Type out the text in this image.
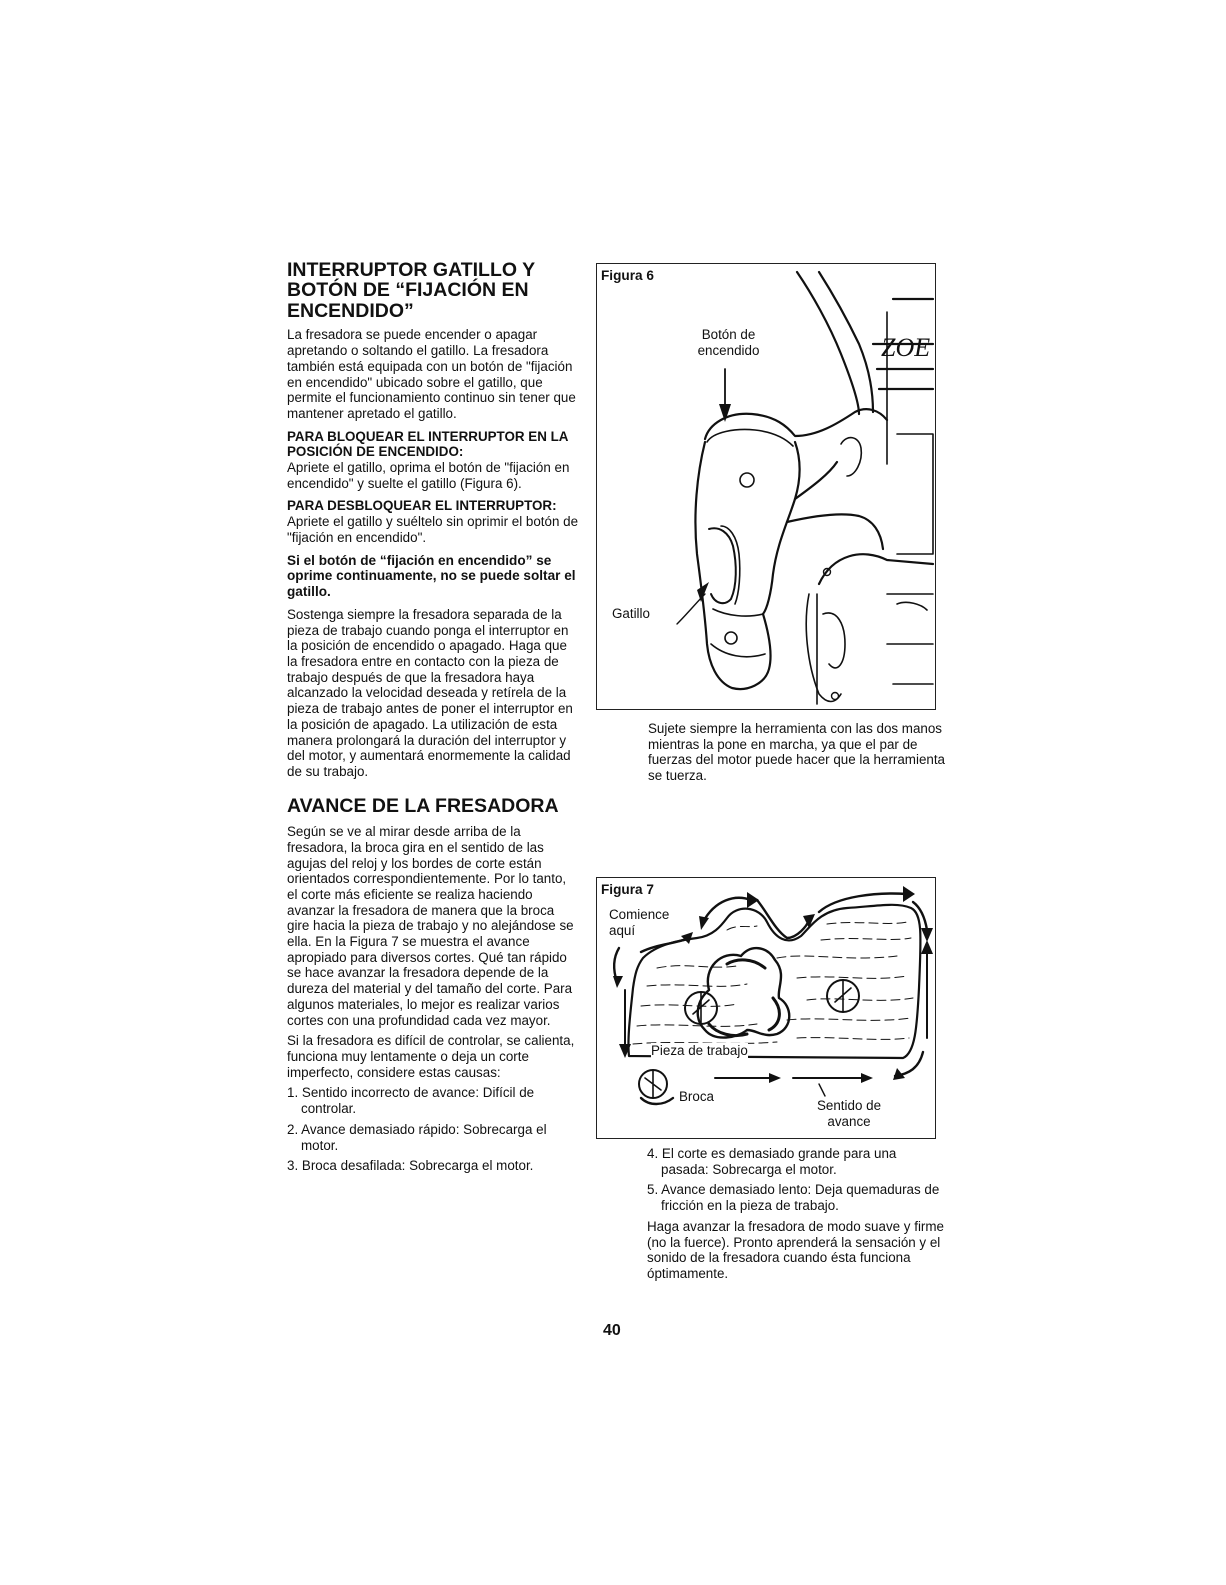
INTERRUPTOR GATILLO Y
BOTÓN DE “FIJACIÓN EN
ENCENDIDO”

La fresadora se puede encender o apagar apretando o soltando el gatillo. La fresadora también está equipada con un botón de "fijación en encendido" ubicado sobre el gatillo, que permite el funcionamiento continuo sin tener que mantener apretado el gatillo.

PARA BLOQUEAR EL INTERRUPTOR EN LA POSICIÓN DE ENCENDIDO:

Apriete el gatillo, oprima el botón de "fijación en encendido" y suelte el gatillo (Figura 6).

PARA DESBLOQUEAR EL INTERRUPTOR:

Apriete el gatillo y suéltelo sin oprimir el botón de "fijación en encendido".

Si el botón de “fijación en encendido” se oprime continuamente, no se puede soltar el gatillo.

Sostenga siempre la fresadora separada de la pieza de trabajo cuando ponga el interruptor en la posición de encendido o apagado. Haga que la fresadora entre en contacto con la pieza de trabajo después de que la fresadora haya alcanzado la velocidad deseada y retírela de la pieza de trabajo antes de poner el interruptor en la posición de apagado. La utilización de esta manera prolongará la duración del interruptor y del motor, y aumentará enormemente la calidad de su trabajo.

AVANCE DE LA FRESADORA

Según se ve al mirar desde arriba de la fresadora, la broca gira en el sentido de las agujas del reloj y los bordes de corte están orientados correspondientemente. Por lo tanto, el corte más eficiente se realiza haciendo avanzar la fresadora de manera que la broca gire hacia la pieza de trabajo y no alejándose se ella. En la Figura 7 se muestra el avance apropiado para diversos cortes. Qué tan rápido se hace avanzar la fresadora depende de la dureza del material y del tamaño del corte. Para algunos materiales, lo mejor es realizar varios cortes con una profundidad cada vez mayor.

Si la fresadora es difícil de controlar, se calienta, funciona muy lentamente o deja un corte imperfecto, considere estas causas:

1. Sentido incorrecto de avance: Difícil de controlar.
2. Avance demasiado rápido: Sobrecarga el motor.
3. Broca desafilada: Sobrecarga el motor.
ZOE
Figura 6
Botón de
encendido
Gatillo
Sujete siempre la herramienta con las dos manos mientras la pone en marcha, ya que el par de fuerzas del motor puede hacer que la herramienta se tuerza.
Figura 7
Comience
aquí
Pieza de trabajo
Broca
Sentido de
avance
4. El corte es demasiado grande para una pasada: Sobrecarga el motor.
5. Avance demasiado lento: Deja quemaduras de fricción en la pieza de trabajo.

Haga avanzar la fresadora de modo suave y firme (no la fuerce). Pronto aprenderá la sensación y el sonido de la fresadora cuando ésta funciona óptimamente.

40
